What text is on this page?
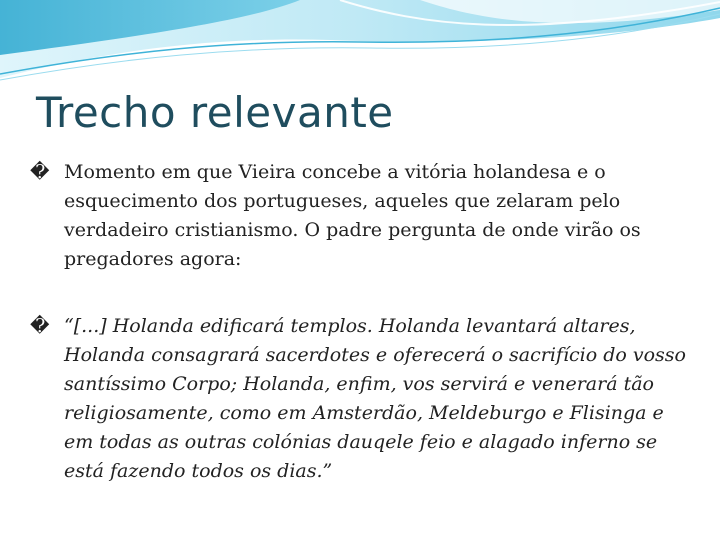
Trecho relevante
� Momento em que Vieira concebe a vitória holandesa e o esquecimento dos portugueses, aqueles que zelaram pelo verdadeiro cristianismo. O padre pergunta de onde virão os pregadores agora:
� “[...] Holanda edificará templos. Holanda levantará altares, Holanda consagrará sacerdotes e oferecerá o sacrifício do vosso santíssimo Corpo; Holanda, enfim, vos servirá e venerará tão religiosamente, como em Amsterdão, Meldeburgo e Flisinga e em todas as outras colónias dauqele feio e alagado inferno se está fazendo todos os dias.”
